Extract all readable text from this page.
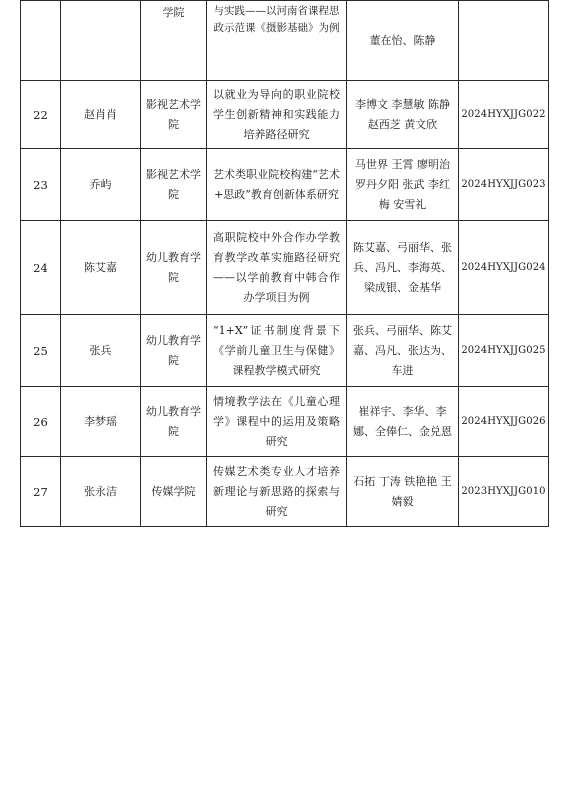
		学院	与实践——以河南省课程思政示范课《摄影基础》为例	董在怡、陈静	
22	赵肖肖	影视艺术学院	以就业为导向的职业院校学生创新精神和实践能力培养路径研究	李博文 李慧敏 陈静 赵西芝 黄文欣	2024HYXJJG022
23	乔屿	影视艺术学院	艺术类职业院校构建“艺术+思政”教育创新体系研究	马世界 王霄 廖明治 罗丹夕阳 张武 李红梅 安雪礼	2024HYXJJG023
24	陈艾嘉	幼儿教育学院	高职院校中外合作办学教育教学改革实施路径研究——以学前教育中韩合作办学项目为例	陈艾嘉、弓丽华、张兵、冯凡、李海英、梁成银、金基华	2024HYXJJG024
25	张兵	幼儿教育学院	“1+X”证书制度背景下《学前儿童卫生与保健》课程教学模式研究	张兵、弓丽华、陈艾嘉、冯凡、张达为、车进	2024HYXJJG025
26	李梦瑶	幼儿教育学院	情境教学法在《儿童心理学》课程中的运用及策略研究	崔祥宇、李华、李娜、全俸仁、金兑恩	2024HYXJJG026
27	张永洁	传媒学院	传媒艺术类专业人才培养新理论与新思路的探索与研究	石拓 丁涛 铁艳艳 王婧毅	2023HYXJJG010
